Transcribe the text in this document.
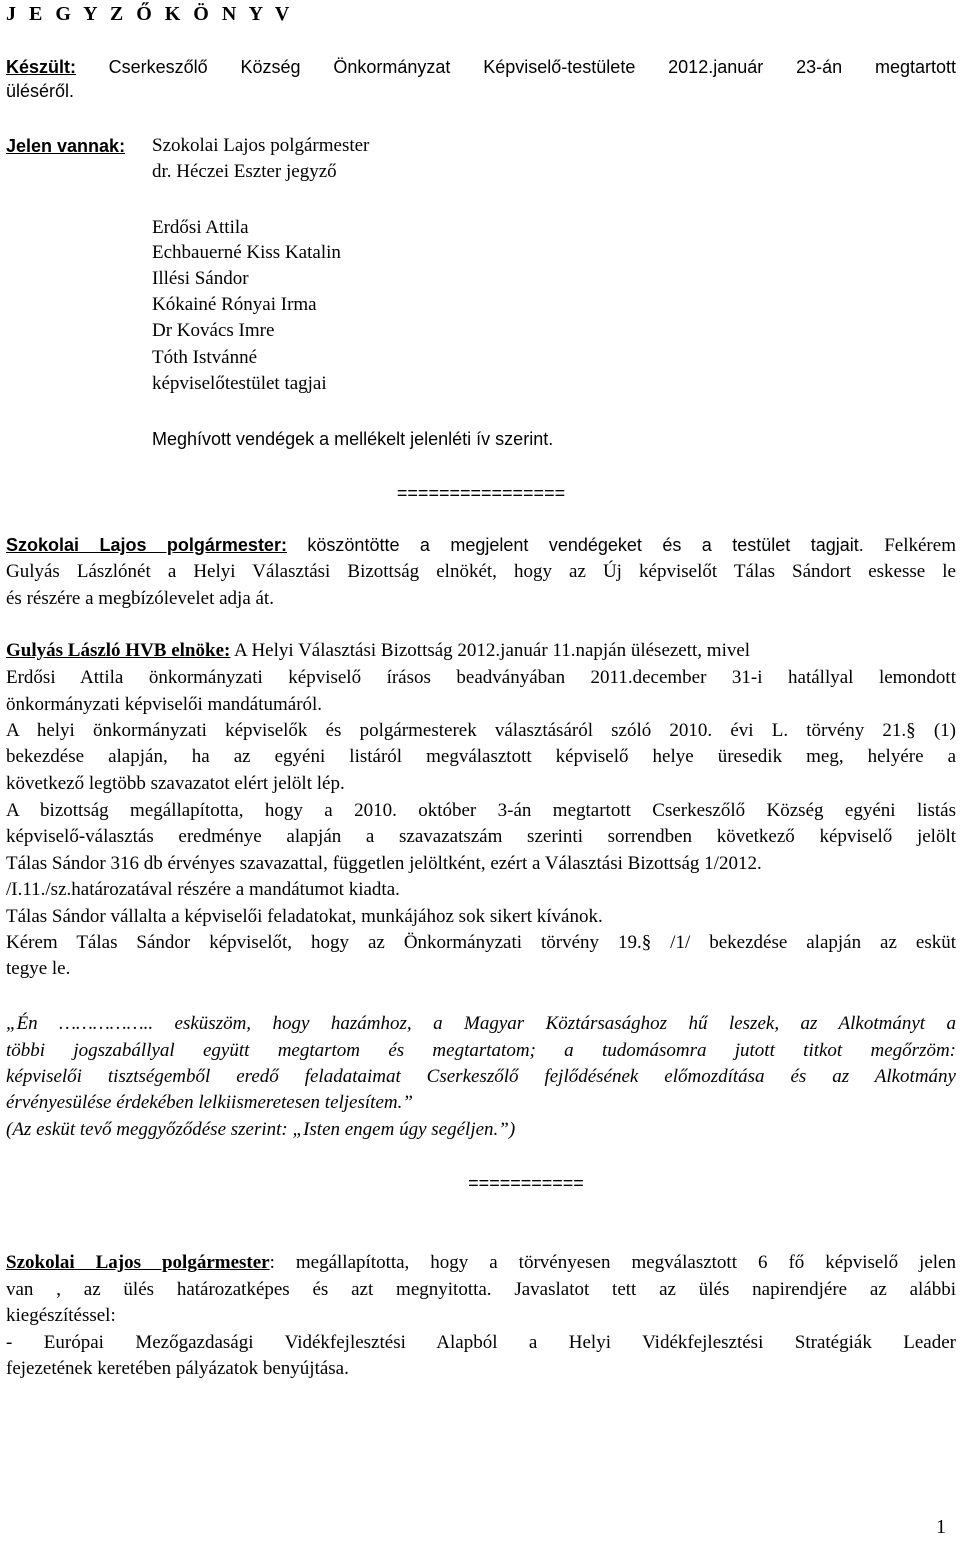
J E G Y Z Ő K Ö N Y V
Készült: Cserkeszőlő Község Önkormányzat Képviselő-testülete 2012.január 23-án megtartott
üléséről.
Jelen vannak: Szokolai Lajos polgármester
dr. Héczei Eszter jegyző
Erdősi Attila
Echbauerné Kiss Katalin
Illési Sándor
Kókainé Rónyai Irma
Dr Kovács Imre
Tóth Istvánné
képviselőtestület tagjai
Meghívott vendégek a mellékelt jelenléti ív szerint.
================
Szokolai Lajos polgármester: köszöntötte a megjelent vendégeket és a testület tagjait. Felkérem
Gulyás Lászlónét a Helyi Választási Bizottság elnökét, hogy az Új képviselőt Tálas Sándort eskesse le
és részére a megbízólevelet adja át.
Gulyás László HVB elnöke: A Helyi Választási Bizottság 2012.január 11.napján ülésezett, mivel
Erdősi Attila önkormányzati képviselő írásos beadványában 2011.december 31-i hatállyal lemondott
önkormányzati képviselői mandátumáról.
A helyi önkormányzati képviselők és polgármesterek választásáról szóló 2010. évi L. törvény 21.§ (1)
bekezdése alapján, ha az egyéni listáról megválasztott képviselő helye üresedik meg, helyére a
következő legtöbb szavazatot elért jelölt lép.
A bizottság megállapította, hogy a 2010. október 3-án megtartott Cserkeszőlő Község egyéni listás
képviselő-választás eredménye alapján a szavazatszám szerinti sorrendben következő képviselő jelölt
Tálas Sándor 316 db érvényes szavazattal, független jelöltként, ezért a Választási Bizottság 1/2012.
/I.11./sz.határozatával részére a mandátumot kiadta.
Tálas Sándor vállalta a képviselői feladatokat, munkájához sok sikert kívánok.
Kérem Tálas Sándor képviselőt, hogy az Önkormányzati törvény 19.§ /1/ bekezdése alapján az esküt
tegye le.
„Én …………….. esküszöm, hogy hazámhoz, a Magyar Köztársasághoz hű leszek, az Alkotmányt a
többi jogszabállyal együtt megtartom és megtartatom; a tudomásomra jutott titkot megőrzöm:
képviselői tisztségemből eredő feladataimat Cserkeszőlő fejlődésének előmozdítása és az Alkotmány
érvényesülése érdekében lelkiismeretesen teljesítem.”
(Az esküt tevő meggyőződése szerint: „Isten engem úgy segéljen.”)
===========
Szokolai Lajos polgármester: megállapította, hogy a törvényesen megválasztott 6 fő képviselő jelen
van , az ülés határozatképes és azt megnyitotta. Javaslatot tett az ülés napirendjére az alábbi
kiegészítéssel:
- Európai Mezőgazdasági Vidékfejlesztési Alapból a Helyi Vidékfejlesztési Stratégiák Leader
fejezetének keretében pályázatok benyújtása.
1
